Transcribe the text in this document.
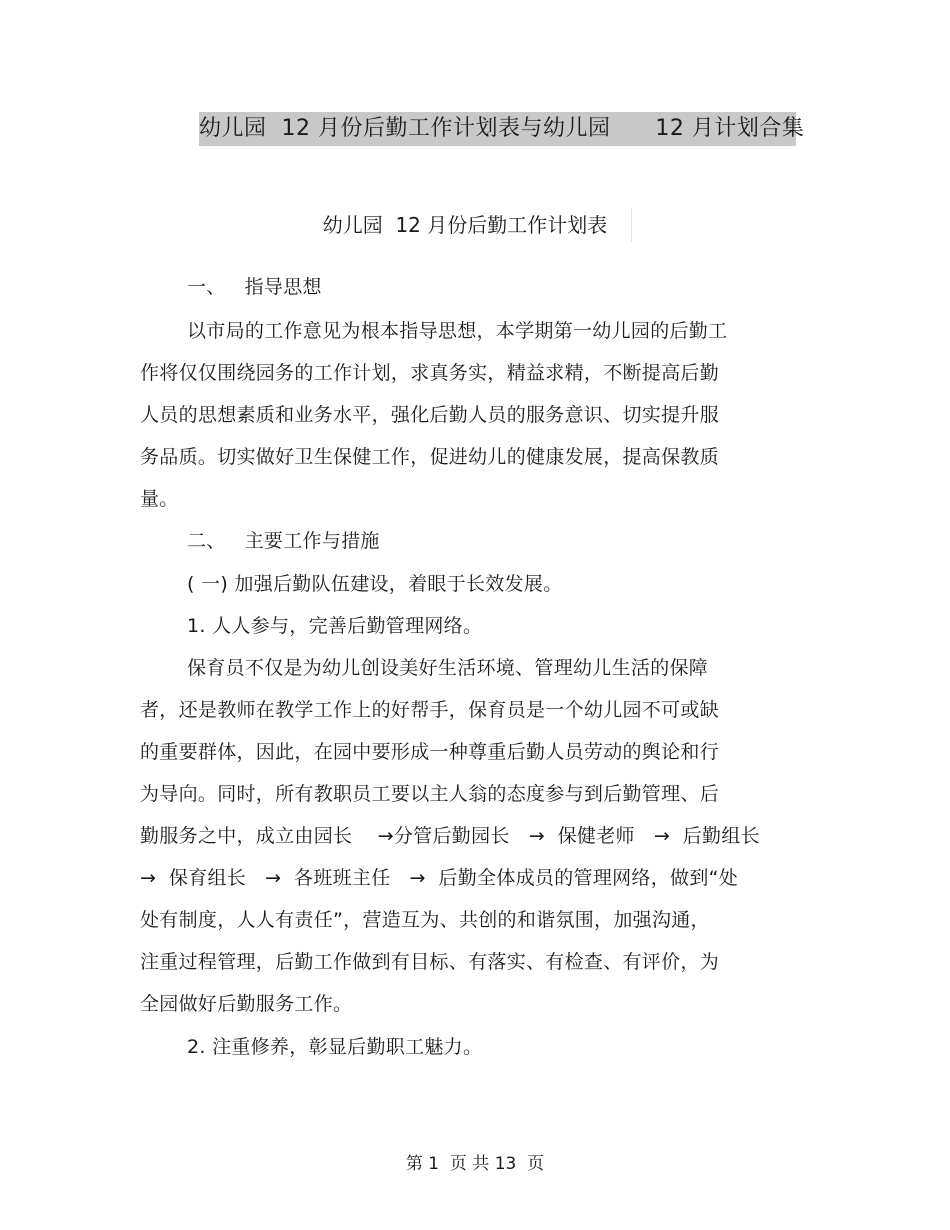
幼儿园  12 月份后勤工作计划表与幼儿园      12 月计划合集
幼儿园  12 月份后勤工作计划表
一、   指导思想
以市局的工作意见为根本指导思想，本学期第一幼儿园的后勤工
作将仅仅围绕园务的工作计划，求真务实，精益求精，不断提高后勤
人员的思想素质和业务水平，强化后勤人员的服务意识、切实提升服
务品质。切实做好卫生保健工作，促进幼儿的健康发展，提高保教质
量。
二、   主要工作与措施
( 一) 加强后勤队伍建设，着眼于长效发展。
1. 人人参与，完善后勤管理网络。
保育员不仅是为幼儿创设美好生活环境、管理幼儿生活的保障
者，还是教师在教学工作上的好帮手，保育员是一个幼儿园不可或缺
的重要群体，因此，在园中要形成一种尊重后勤人员劳动的舆论和行
为导向。同时，所有教职员工要以主人翁的态度参与到后勤管理、后
勤服务之中，成立由园长    →分管后勤园长   →  保健老师   →  后勤组长
→  保育组长   →  各班班主任   →  后勤全体成员的管理网络，做到“处
处有制度，人人有责任”，营造互为、共创的和谐氛围，加强沟通，
注重过程管理，后勤工作做到有目标、有落实、有检查、有评价，为
全园做好后勤服务工作。
2. 注重修养，彰显后勤职工魅力。
第 1  页 共 13  页
